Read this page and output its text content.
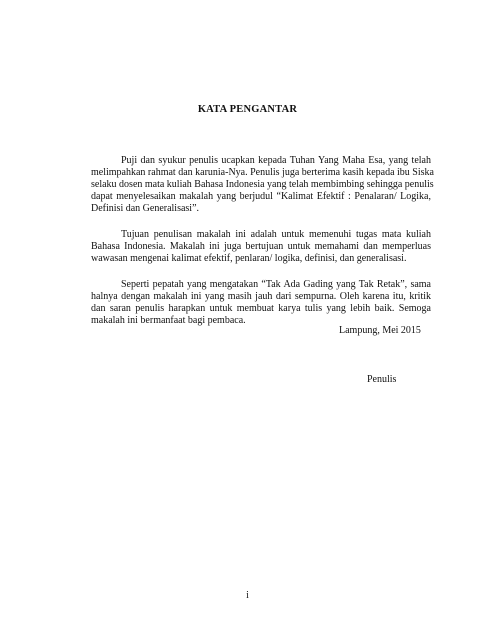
KATA PENGANTAR
Puji dan syukur penulis ucapkan kepada Tuhan Yang Maha Esa, yang telah
melimpahkan rahmat dan karunia-Nya. Penulis juga berterima kasih kepada ibu Siska
selaku dosen mata kuliah Bahasa Indonesia yang telah membimbing sehingga penulis
dapat menyelesaikan makalah yang berjudul “Kalimat Efektif : Penalaran/ Logika,
Definisi dan Generalisasi”.
Tujuan penulisan makalah ini adalah untuk memenuhi tugas mata kuliah
Bahasa Indonesia. Makalah ini juga bertujuan untuk memahami dan memperluas
wawasan mengenai kalimat efektif, penlaran/ logika, definisi, dan generalisasi.
Seperti pepatah yang mengatakan “Tak Ada Gading yang Tak Retak”, sama
halnya dengan makalah ini yang masih jauh dari sempurna. Oleh karena itu, kritik
dan saran penulis harapkan untuk membuat karya tulis yang lebih baik. Semoga
makalah ini bermanfaat bagi pembaca.
Lampung, Mei 2015
Penulis
i
